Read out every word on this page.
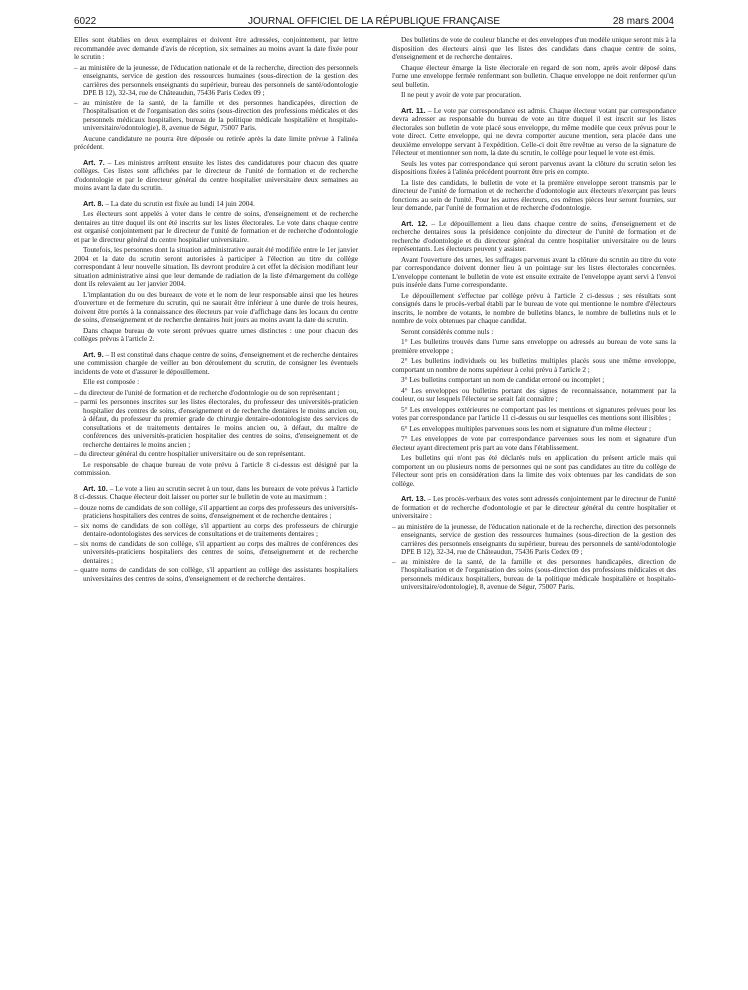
6022	JOURNAL OFFICIEL DE LA RÉPUBLIQUE FRANÇAISE	28 mars 2004

Elles sont établies en deux exemplaires et doivent être adressées, conjointement, par lettre recommandée avec demande d'avis de réception, six semaines au moins avant la date fixée pour le scrutin :

– au ministère de la jeunesse, de l'éducation nationale et de la recherche, direction des personnels enseignants, service de gestion des ressources humaines (sous-direction de la gestion des carrières des personnels enseignants du supérieur, bureau des personnels de santé/odontologie DPE B 12), 32-34, rue de Châteaudun, 75436 Paris Cedex 09 ;
– au ministère de la santé, de la famille et des personnes handicapées, direction de l'hospitalisation et de l'organisation des soins (sous-direction des professions médicales et des personnels médicaux hospitaliers, bureau de la politique médicale hospitalière et hospitalo-universitaire/odontologie), 8, avenue de Ségur, 75007 Paris.

Aucune candidature ne pourra être déposée ou retirée après la date limite prévue à l'alinéa précédent.

Art. 7. – Les ministres arrêtent ensuite les listes des candidatures pour chacun des quatre collèges. Ces listes sont affichées par le directeur de l'unité de formation et de recherche d'odontologie et par le directeur général du centre hospitalier universitaire deux semaines au moins avant la date du scrutin.

Art. 8. – La date du scrutin est fixée au lundi 14 juin 2004.

Les électeurs sont appelés à voter dans le centre de soins, d'enseignement et de recherche dentaires au titre duquel ils ont été inscrits sur les listes électorales. Le vote dans chaque centre est organisé conjointement par le directeur de l'unité de formation et de recherche d'odontologie et par le directeur général du centre hospitalier universitaire.

Toutefois, les personnes dont la situation administrative aurait été modifiée entre le 1er janvier 2004 et la date du scrutin seront autorisées à participer à l'élection au titre du collège correspondant à leur nouvelle situation. Ils devront produire à cet effet la décision modifiant leur situation administrative ainsi que leur demande de radiation de la liste d'émargement du collège dont ils relevaient au 1er janvier 2004.

L'implantation du ou des bureaux de vote et le nom de leur responsable ainsi que les heures d'ouverture et de fermeture du scrutin, qui ne saurait être inférieur à une durée de trois heures, doivent être portés à la connaissance des électeurs par voie d'affichage dans les locaux du centre de soins, d'enseignement et de recherche dentaires huit jours au moins avant la date du scrutin.

Dans chaque bureau de vote seront prévues quatre urnes distinctes : une pour chacun des collèges prévus à l'article 2.

Art. 9. – Il est constitué dans chaque centre de soins, d'enseignement et de recherche dentaires une commission chargée de veiller au bon déroulement du scrutin, de consigner les éventuels incidents de vote et d'assurer le dépouillement.

Elle est composée :

– du directeur de l'unité de formation et de recherche d'odontologie ou de son représentant ;
– parmi les personnes inscrites sur les listes électorales, du professeur des universités-praticien hospitalier des centres de soins, d'enseignement et de recherche dentaires le moins ancien ou, à défaut, du professeur du premier grade de chirurgie dentaire-odontologiste des services de consultations et de traitements dentaires le moins ancien ou, à défaut, du maître de conférences des universités-praticien hospitalier des centres de soins, d'enseignement et de recherche dentaires le moins ancien ;
– du directeur général du centre hospitalier universitaire ou de son représentant.

Le responsable de chaque bureau de vote prévu à l'article 8 ci-dessus est désigné par la commission.

Art. 10. – Le vote a lieu au scrutin secret à un tour, dans les bureaux de vote prévus à l'article 8 ci-dessus. Chaque électeur doit laisser ou porter sur le bulletin de vote au maximum :

– douze noms de candidats de son collège, s'il appartient au corps des professeurs des universités-praticiens hospitaliers des centres de soins, d'enseignement et de recherche dentaires ;
– six noms de candidats de son collège, s'il appartient au corps des professeurs de chirurgie dentaire-odontologistes des services de consultations et de traitements dentaires ;
– six noms de candidats de son collège, s'il appartient au corps des maîtres de conférences des universités-praticiens hospitaliers des centres de soins, d'enseignement et de recherche dentaires ;
– quatre noms de candidats de son collège, s'il appartient au collège des assistants hospitaliers universitaires des centres de soins, d'enseignement et de recherche dentaires.

Des bulletins de vote de couleur blanche et des enveloppes d'un modèle unique seront mis à la disposition des électeurs ainsi que les listes des candidats dans chaque centre de soins, d'enseignement et de recherche dentaires.

Chaque électeur émarge la liste électorale en regard de son nom, après avoir déposé dans l'urne une enveloppe fermée renfermant son bulletin. Chaque enveloppe ne doit renfermer qu'un seul bulletin.

Il ne peut y avoir de vote par procuration.

Art. 11. – Le vote par correspondance est admis. Chaque électeur votant par correspondance devra adresser au responsable du bureau de vote au titre duquel il est inscrit sur les listes électorales son bulletin de vote placé sous enveloppe, du même modèle que ceux prévus pour le vote direct. Cette enveloppe, qui ne devra comporter aucune mention, sera placée dans une deuxième enveloppe servant à l'expédition. Celle-ci doit être revêtue au verso de la signature de l'électeur et mentionner son nom, la date du scrutin, le collège pour lequel le vote est émis.

Seuls les votes par correspondance qui seront parvenus avant la clôture du scrutin selon les dispositions fixées à l'alinéa précédent pourront être pris en compte.

La liste des candidats, le bulletin de vote et la première enveloppe seront transmis par le directeur de l'unité de formation et de recherche d'odontologie aux électeurs n'exerçant pas leurs fonctions au sein de l'unité. Pour les autres électeurs, ces mêmes pièces leur seront fournies, sur leur demande, par l'unité de formation et de recherche d'odontologie.

Art. 12. – Le dépouillement a lieu dans chaque centre de soins, d'enseignement et de recherche dentaires sous la présidence conjointe du directeur de l'unité de formation et de recherche d'odontologie et du directeur général du centre hospitalier universitaire ou de leurs représentants. Les électeurs peuvent y assister.

Avant l'ouverture des urnes, les suffrages parvenus avant la clôture du scrutin au titre du vote par correspondance doivent donner lieu à un pointage sur les listes électorales concernées. L'enveloppe contenant le bulletin de vote est ensuite extraite de l'enveloppe ayant servi à l'envoi puis insérée dans l'urne correspondante.

Le dépouillement s'effectue par collège prévu à l'article 2 ci-dessus ; ses résultats sont consignés dans le procès-verbal établi par le bureau de vote qui mentionne le nombre d'électeurs inscrits, le nombre de votants, le nombre de bulletins blancs, le nombre de bulletins nuls et le nombre de voix obtenues par chaque candidat.

Seront considérés comme nuls :

1° Les bulletins trouvés dans l'urne sans enveloppe ou adressés au bureau de vote sans la première enveloppe ;

2° Les bulletins individuels ou les bulletins multiples placés sous une même enveloppe, comportant un nombre de noms supérieur à celui prévu à l'article 2 ;

3° Les bulletins comportant un nom de candidat erroné ou incomplet ;

4° Les enveloppes ou bulletins portant des signes de reconnaissance, notamment par la couleur, ou sur lesquels l'électeur se serait fait connaître ;

5° Les enveloppes extérieures ne comportant pas les mentions et signatures prévues pour les votes par correspondance par l'article 11 ci-dessus ou sur lesquelles ces mentions sont illisibles ;

6° Les enveloppes multiples parvenues sous les nom et signature d'un même électeur ;

7° Les enveloppes de vote par correspondance parvenues sous les nom et signature d'un électeur ayant directement pris part au vote dans l'établissement.

Les bulletins qui n'ont pas été déclarés nuls en application du présent article mais qui comportent un ou plusieurs noms de personnes qui ne sont pas candidates au titre du collège de l'électeur sont pris en considération dans la limite des voix obtenues par les candidats de son collège.

Art. 13. – Les procès-verbaux des votes sont adressés conjointement par le directeur de l'unité de formation et de recherche d'odontologie et par le directeur général du centre hospitalier et universitaire :

– au ministère de la jeunesse, de l'éducation nationale et de la recherche, direction des personnels enseignants, service de gestion des ressources humaines (sous-direction de la gestion des carrières des personnels enseignants du supérieur, bureau des personnels de santé/odontologie DPE B 12), 32-34, rue de Châteaudun, 75436 Paris Cedex 09 ;
– au ministère de la santé, de la famille et des personnes handicapées, direction de l'hospitalisation et de l'organisation des soins (sous-direction des professions médicales et des personnels médicaux hospitaliers, bureau de la politique médicale hospitalière et hospitalo-universitaire/odontologie), 8, avenue de Ségur, 75007 Paris.
